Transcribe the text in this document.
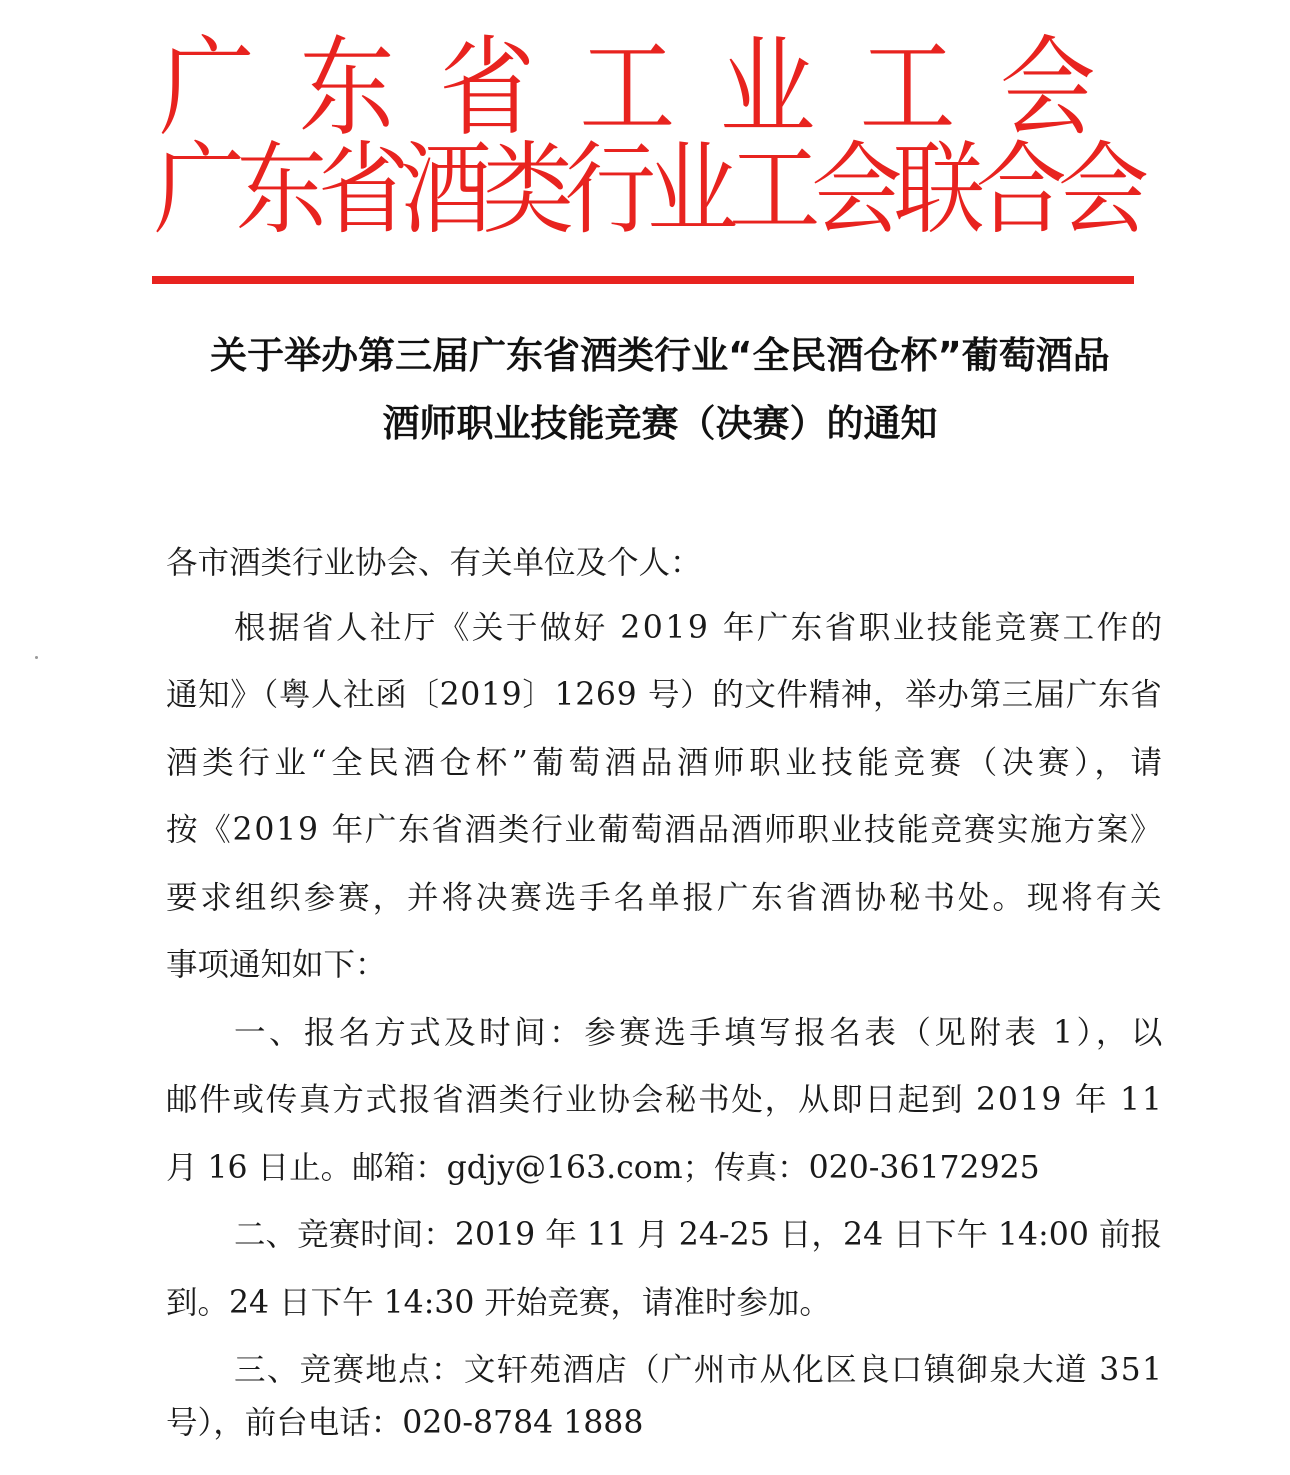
广东省工业工会
广东省酒类行业工会联合会
关于举办第三届广东省酒类行业“全民酒仓杯”葡萄酒品
酒师职业技能竞赛（决赛）的通知
各市酒类行业协会、有关单位及个人：
根据省人社厅《关于做好 2019 年广东省职业技能竞赛工作的
通知》（粤人社函〔2019〕1269 号）的文件精神，举办第三届广东省
酒类行业“全民酒仓杯”葡萄酒品酒师职业技能竞赛（决赛），请
按《2019 年广东省酒类行业葡萄酒品酒师职业技能竞赛实施方案》
要求组织参赛，并将决赛选手名单报广东省酒协秘书处。现将有关
事项通知如下：
一、报名方式及时间：参赛选手填写报名表（见附表 1），以
邮件或传真方式报省酒类行业协会秘书处，从即日起到 2019 年 11
月 16 日止。邮箱：gdjy@163.com；传真：020-36172925
二、竞赛时间：2019 年 11 月 24-25 日，24 日下午 14:00 前报
到。24 日下午 14:30 开始竞赛，请准时参加。
三、竞赛地点：文轩苑酒店（广州市从化区良口镇御泉大道 351
号），前台电话：020-8784 1888
